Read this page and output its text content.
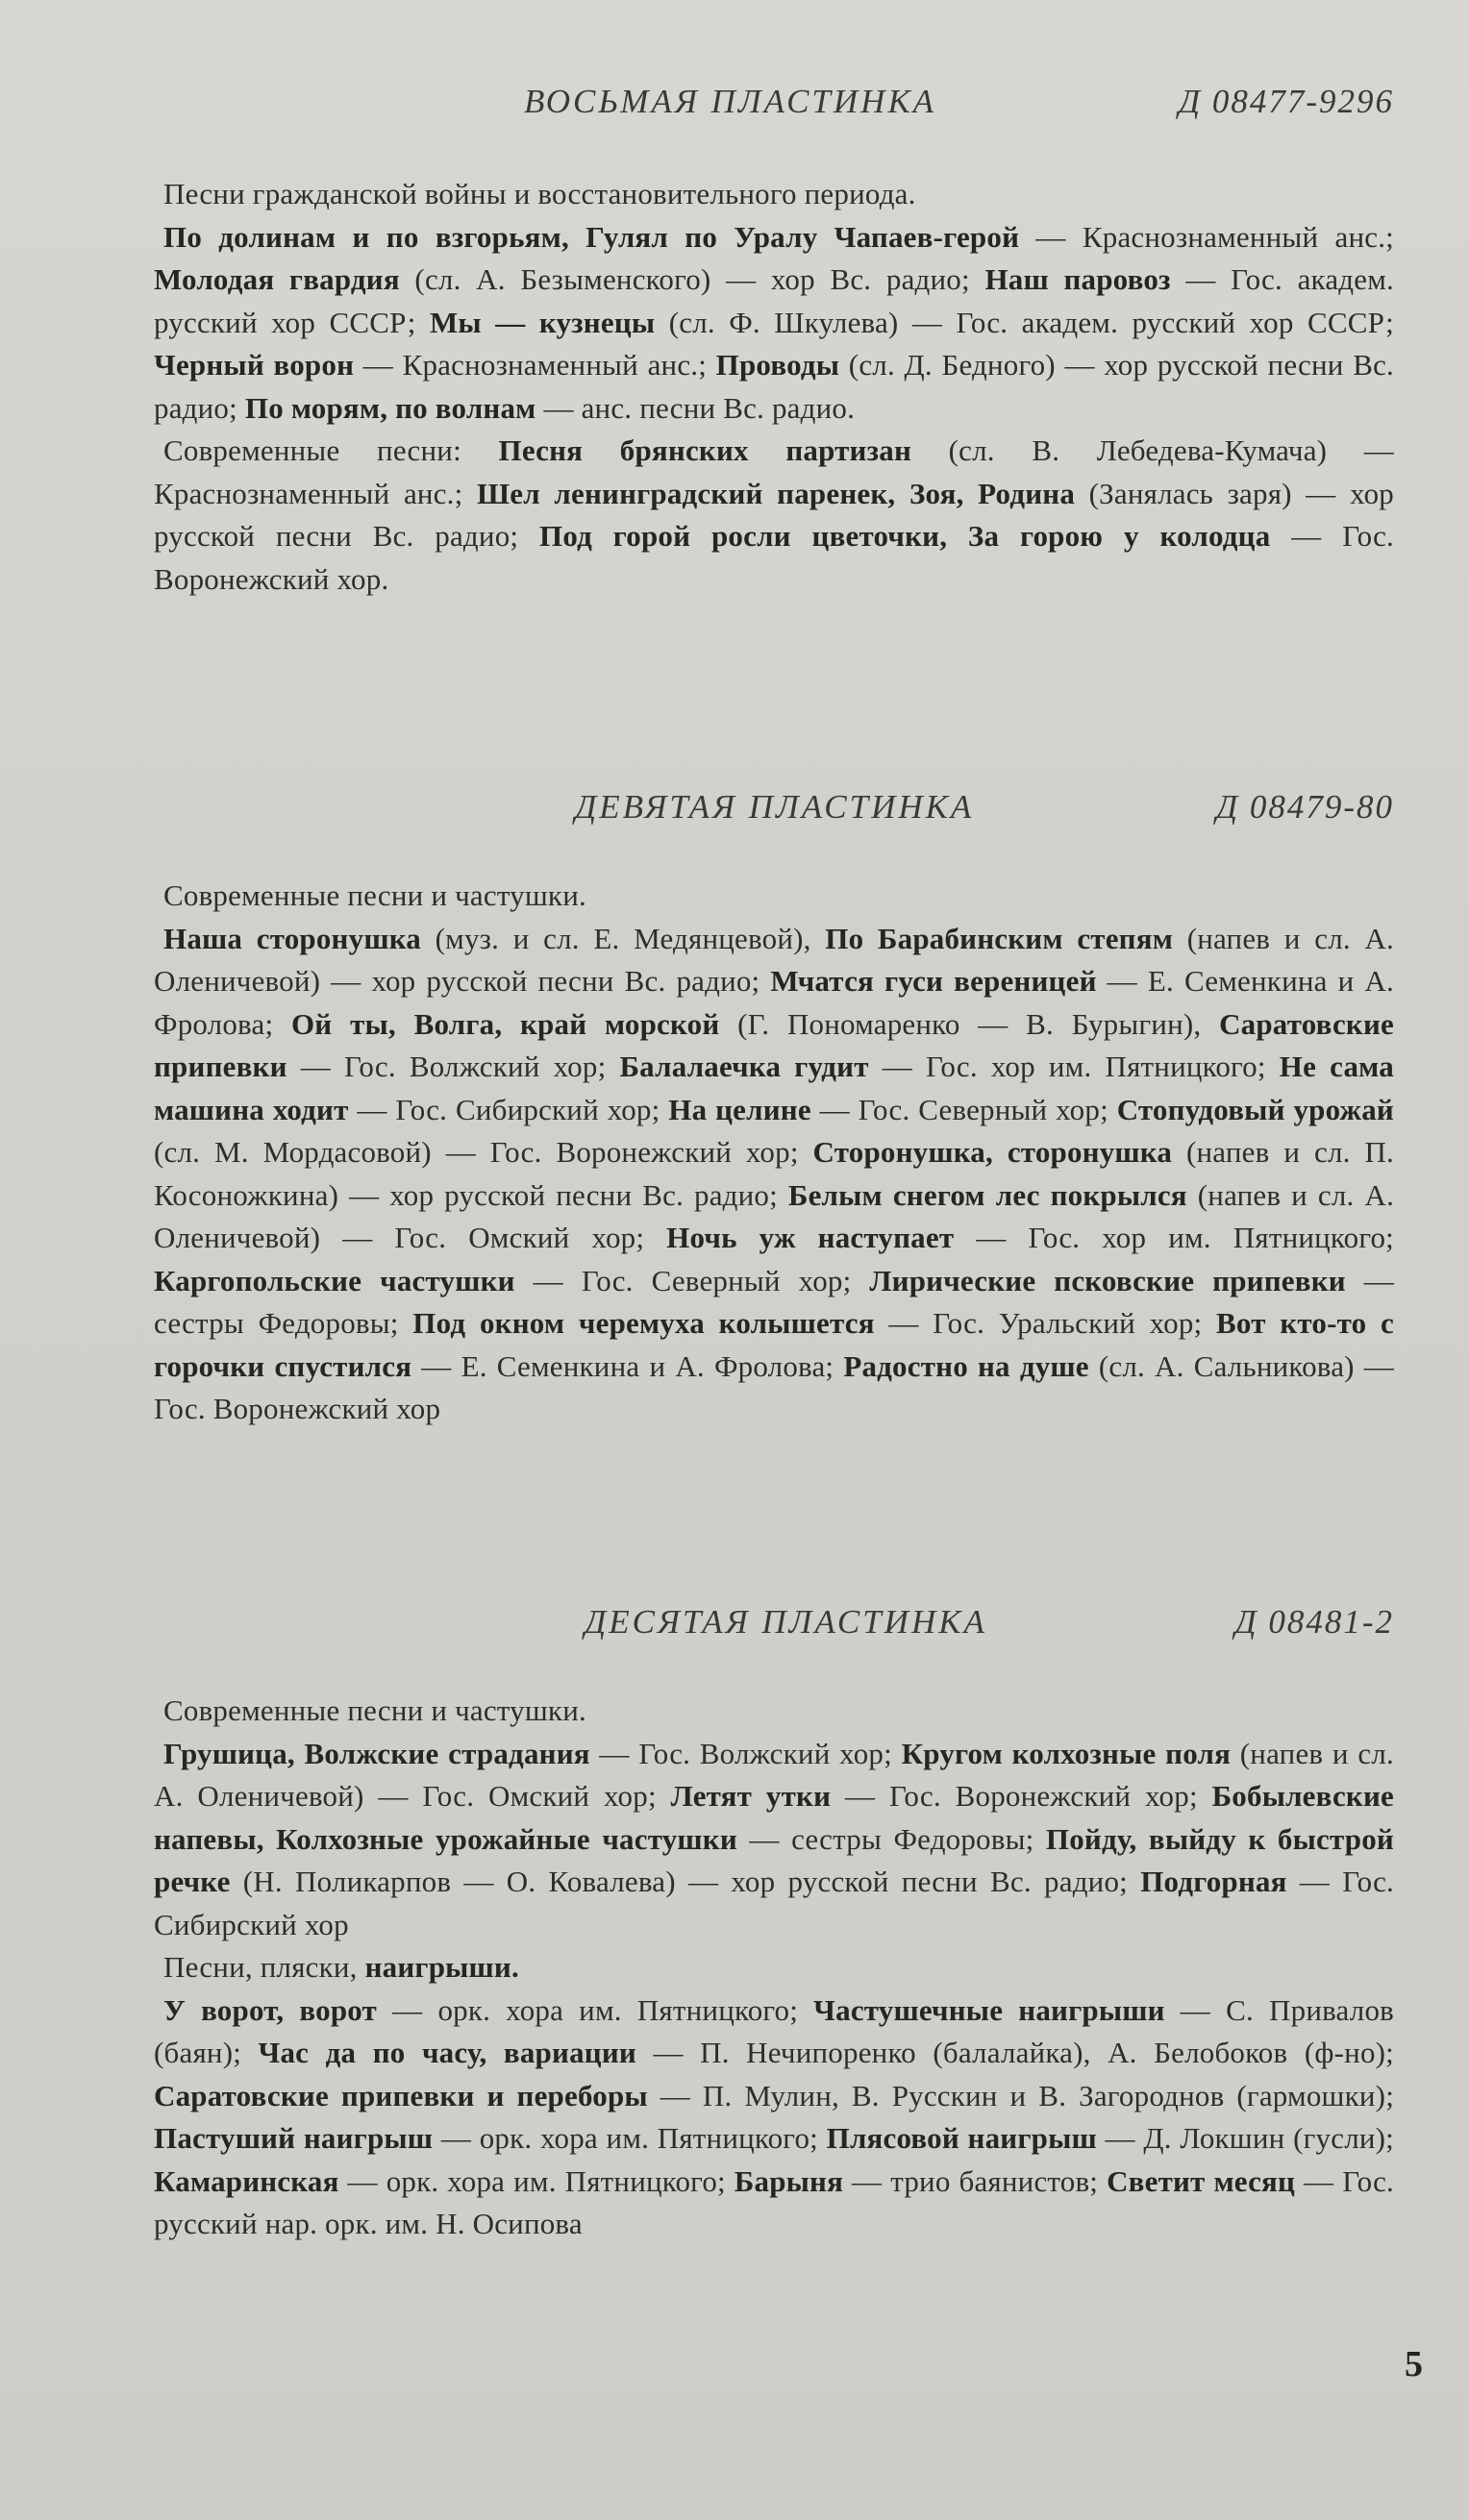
ВОСЬМАЯ ПЛАСТИНКА	Д 08477-9296

Песни гражданской войны и восстановительного периода.

По долинам и по взгорьям, Гулял по Уралу Чапаев-герой — Краснознаменный анс.; Молодая гвардия (сл. А. Безыменского) — хор Вс. радио; Наш паровоз — Гос. академ. русский хор СССР; Мы — кузнецы (сл. Ф. Шкулева) — Гос. академ. русский хор СССР; Черный ворон — Краснознаменный анс.; Проводы (сл. Д. Бедного) — хор русской песни Вс. радио; По морям, по волнам — анс. песни Вс. радио.

Современные песни: Песня брянских партизан (сл. В. Лебедева-Кумача) — Краснознаменный анс.; Шел ленинградский паренек, Зоя, Родина (Занялась заря) — хор русской песни Вс. радио; Под горой росли цветочки, За горою у колодца — Гос. Воронежский хор.

ДЕВЯТАЯ ПЛАСТИНКА	Д 08479-80

Современные песни и частушки.

Наша сторонушка (муз. и сл. Е. Медянцевой), По Барабинским степям (напев и сл. А. Оленичевой) — хор русской песни Вс. радио; Мчатся гуси вереницей — Е. Семенкина и А. Фролова; Ой ты, Волга, край морской (Г. Пономаренко — В. Бурыгин), Саратовские припевки — Гос. Волжский хор; Балалаечка гудит — Гос. хор им. Пятницкого; Не сама машина ходит — Гос. Сибирский хор; На целине — Гос. Северный хор; Стопудовый урожай (сл. М. Мордасовой) — Гос. Воронежский хор; Сторонушка, сторонушка (напев и сл. П. Косоножкина) — хор русской песни Вс. радио; Белым снегом лес покрылся (напев и сл. А. Оленичевой) — Гос. Омский хор; Ночь уж наступает — Гос. хор им. Пятницкого; Каргопольские частушки — Гос. Северный хор; Лирические псковские припевки — сестры Федоровы; Под окном черемуха колышется — Гос. Уральский хор; Вот кто-то с горочки спустился — Е. Семенкина и А. Фролова; Радостно на душе (сл. А. Сальникова) — Гос. Воронежский хор

ДЕСЯТАЯ ПЛАСТИНКА	Д 08481-2

Современные песни и частушки.

Грушица, Волжские страдания — Гос. Волжский хор; Кругом колхозные поля (напев и сл. А. Оленичевой) — Гос. Омский хор; Летят утки — Гос. Воронежский хор; Бобылевские напевы, Колхозные урожайные частушки — сестры Федоровы; Пойду, выйду к быстрой речке (Н. Поликарпов — О. Ковалева) — хор русской песни Вс. радио; Подгорная — Гос. Сибирский хор

Песни, пляски, наигрыши.

У ворот, ворот — орк. хора им. Пятницкого; Частушечные наигрыши — С. Привалов (баян); Час да по часу, вариации — П. Нечипоренко (балалайка), А. Белобоков (ф-но); Саратовские припевки и переборы — П. Мулин, В. Русскин и В. Загороднов (гармошки); Пастуший наигрыш — орк. хора им. Пятницкого; Плясовой наигрыш — Д. Локшин (гусли); Камаринская — орк. хора им. Пятницкого; Барыня — трио баянистов; Светит месяц — Гос. русский нар. орк. им. Н. Осипова

5
